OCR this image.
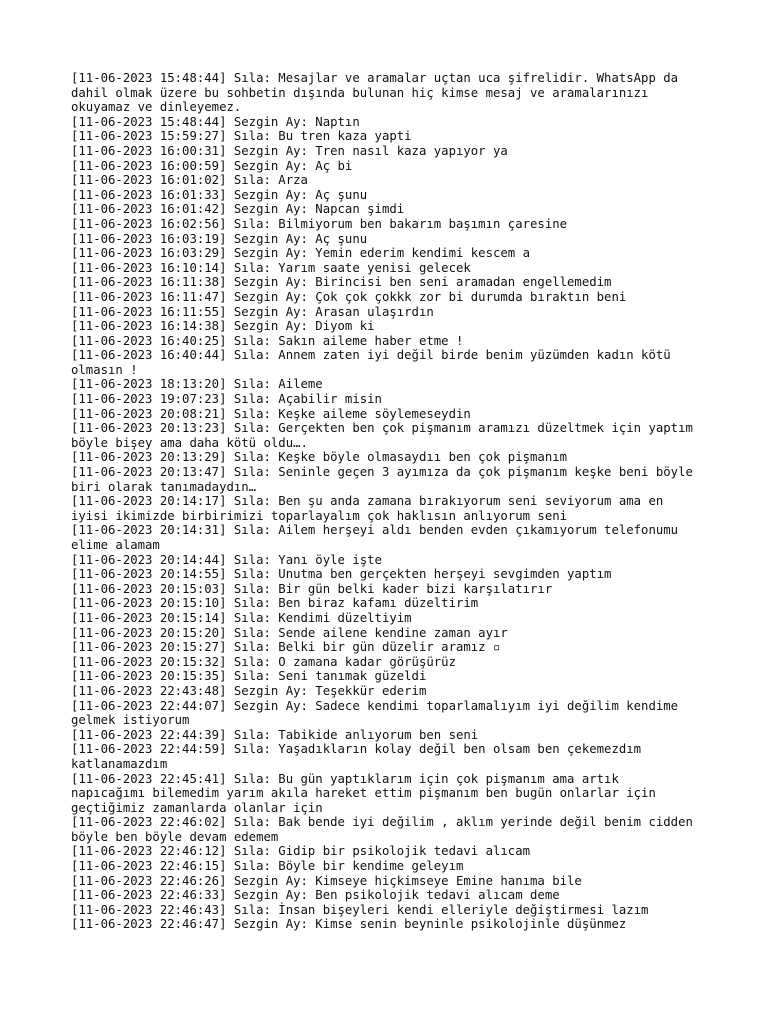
[11-06-2023 15:48:44] Sıla: Mesajlar ve aramalar uçtan uca şifrelidir. WhatsApp da dahil olmak üzere bu sohbetin dışında bulunan hiç kimse mesaj ve aramalarınızı okuyamaz ve dinleyemez.
[11-06-2023 15:48:44] Sezgin Ay: Naptın
[11-06-2023 15:59:27] Sıla: Bu tren kaza yapti
[11-06-2023 16:00:31] Sezgin Ay: Tren nasıl kaza yapıyor ya
[11-06-2023 16:00:59] Sezgin Ay: Aç bi
[11-06-2023 16:01:02] Sıla: Arza
[11-06-2023 16:01:33] Sezgin Ay: Aç şunu
[11-06-2023 16:01:42] Sezgin Ay: Napcan şimdi
[11-06-2023 16:02:56] Sıla: Bilmiyorum ben bakarım başımın çaresine
[11-06-2023 16:03:19] Sezgin Ay: Aç şunu
[11-06-2023 16:03:29] Sezgin Ay: Yemin ederim kendimi kescem a
[11-06-2023 16:10:14] Sıla: Yarım saate yenisi gelecek
[11-06-2023 16:11:38] Sezgin Ay: Birincisi ben seni aramadan engellemedim
[11-06-2023 16:11:47] Sezgin Ay: Çok çok çokkk zor bi durumda bıraktın beni
[11-06-2023 16:11:55] Sezgin Ay: Arasan ulaşırdın
[11-06-2023 16:14:38] Sezgin Ay: Diyom ki
[11-06-2023 16:40:25] Sıla: Sakın aileme haber etme !
[11-06-2023 16:40:44] Sıla: Annem zaten iyi değil birde benim yüzümden kadın kötü olmasın !
[11-06-2023 18:13:20] Sıla: Aileme
[11-06-2023 19:07:23] Sıla: Açabilir misin
[11-06-2023 20:08:21] Sıla: Keşke aileme söylemeseydin
[11-06-2023 20:13:23] Sıla: Gerçekten ben çok pişmanım aramızı düzeltmek için yaptım böyle bişey ama daha kötü oldu….
[11-06-2023 20:13:29] Sıla: Keşke böyle olmasaydıı ben çok pişmanım
[11-06-2023 20:13:47] Sıla: Seninle geçen 3 ayımıza da çok pişmanım keşke beni böyle biri olarak tanımadaydın…
[11-06-2023 20:14:17] Sıla: Ben şu anda zamana bırakıyorum seni seviyorum ama en iyisi ikimizde birbirimizi toparlayalım çok haklısın anlıyorum seni
[11-06-2023 20:14:31] Sıla: Ailem herşeyi aldı benden evden çıkamıyorum telefonumu elime alamam
[11-06-2023 20:14:44] Sıla: Yanı öyle işte
[11-06-2023 20:14:55] Sıla: Unutma ben gerçekten herşeyi sevgimden yaptım
[11-06-2023 20:15:03] Sıla: Bir gün belki kader bizi karşılatırır
[11-06-2023 20:15:10] Sıla: Ben biraz kafamı düzeltirim
[11-06-2023 20:15:14] Sıla: Kendimi düzeltiyim
[11-06-2023 20:15:20] Sıla: Sende ailene kendine zaman ayır
[11-06-2023 20:15:27] Sıla: Belki bir gün düzelir aramız ▫
[11-06-2023 20:15:32] Sıla: O zamana kadar görüşürüz
[11-06-2023 20:15:35] Sıla: Seni tanımak güzeldi
[11-06-2023 22:43:48] Sezgin Ay: Teşekkür ederim
[11-06-2023 22:44:07] Sezgin Ay: Sadece kendimi toparlamalıyım iyi değilim kendime gelmek istiyorum
[11-06-2023 22:44:39] Sıla: Tabikide anlıyorum ben seni
[11-06-2023 22:44:59] Sıla: Yaşadıkların kolay değil ben olsam ben çekemezdım katlanamazdım
[11-06-2023 22:45:41] Sıla: Bu gün yaptıklarım için çok pişmanım ama artık napıcağımı bilemedim yarım akıla hareket ettim pişmanım ben bugün onlarlar için geçtiğimiz zamanlarda olanlar için
[11-06-2023 22:46:02] Sıla: Bak bende iyi değilim , aklım yerinde değil benim cidden böyle ben böyle devam edemem
[11-06-2023 22:46:12] Sıla: Gidip bir psikolojik tedavi alıcam
[11-06-2023 22:46:15] Sıla: Böyle bir kendime geleyım
[11-06-2023 22:46:26] Sezgin Ay: Kimseye hiçkimseye Emine hanıma bile
[11-06-2023 22:46:33] Sezgin Ay: Ben psikolojik tedavi alıcam deme
[11-06-2023 22:46:43] Sıla: İnsan bişeyleri kendi elleriyle değiştirmesi lazım
[11-06-2023 22:46:47] Sezgin Ay: Kimse senin beyninle psikolojinle düşünmez
